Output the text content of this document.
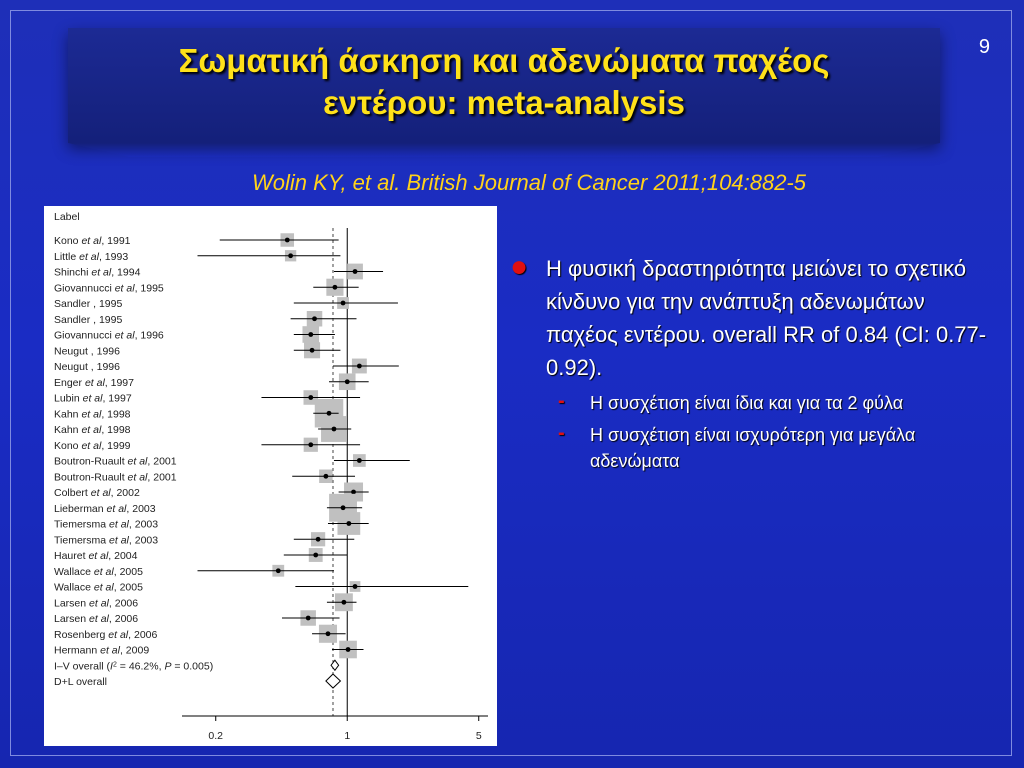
Σωματική άσκηση και αδενώματα παχέος
εντέρου: meta-analysis
9
Wolin KY, et al. British Journal of Cancer 2011;104:882-5
Label
Kono et al, 1991
Little et al, 1993
Shinchi et al, 1994
Giovannucci et al, 1995
Sandler , 1995
Sandler , 1995
Giovannucci et al, 1996
Neugut , 1996
Neugut , 1996
Enger et al, 1997
Lubin et al, 1997
Kahn et al, 1998
Kahn et al, 1998
Kono et al, 1999
Boutron-Ruault et al, 2001
Boutron-Ruault et al, 2001
Colbert et al, 2002
Lieberman et al, 2003
Tiemersma et al, 2003
Tiemersma et al, 2003
Hauret et al, 2004
Wallace et al, 2005
Wallace et al, 2005
Larsen et al, 2006
Larsen et al, 2006
Rosenberg et al, 2006
Hermann et al, 2009
I–V overall ($I^2 = 46.2\%$, P = 0.005)
D+L overall
0.2	1	5
● Η φυσική δραστηριότητα μειώνει το σχετικό κίνδυνο για την ανάπτυξη αδενωμάτων παχέος εντέρου. overall RR of 0.84 (CI: 0.77-0.92).
- Η συσχέτιση είναι ίδια και για τα 2 φύλα
- Η συσχέτιση είναι ισχυρότερη για μεγάλα αδενώματα
